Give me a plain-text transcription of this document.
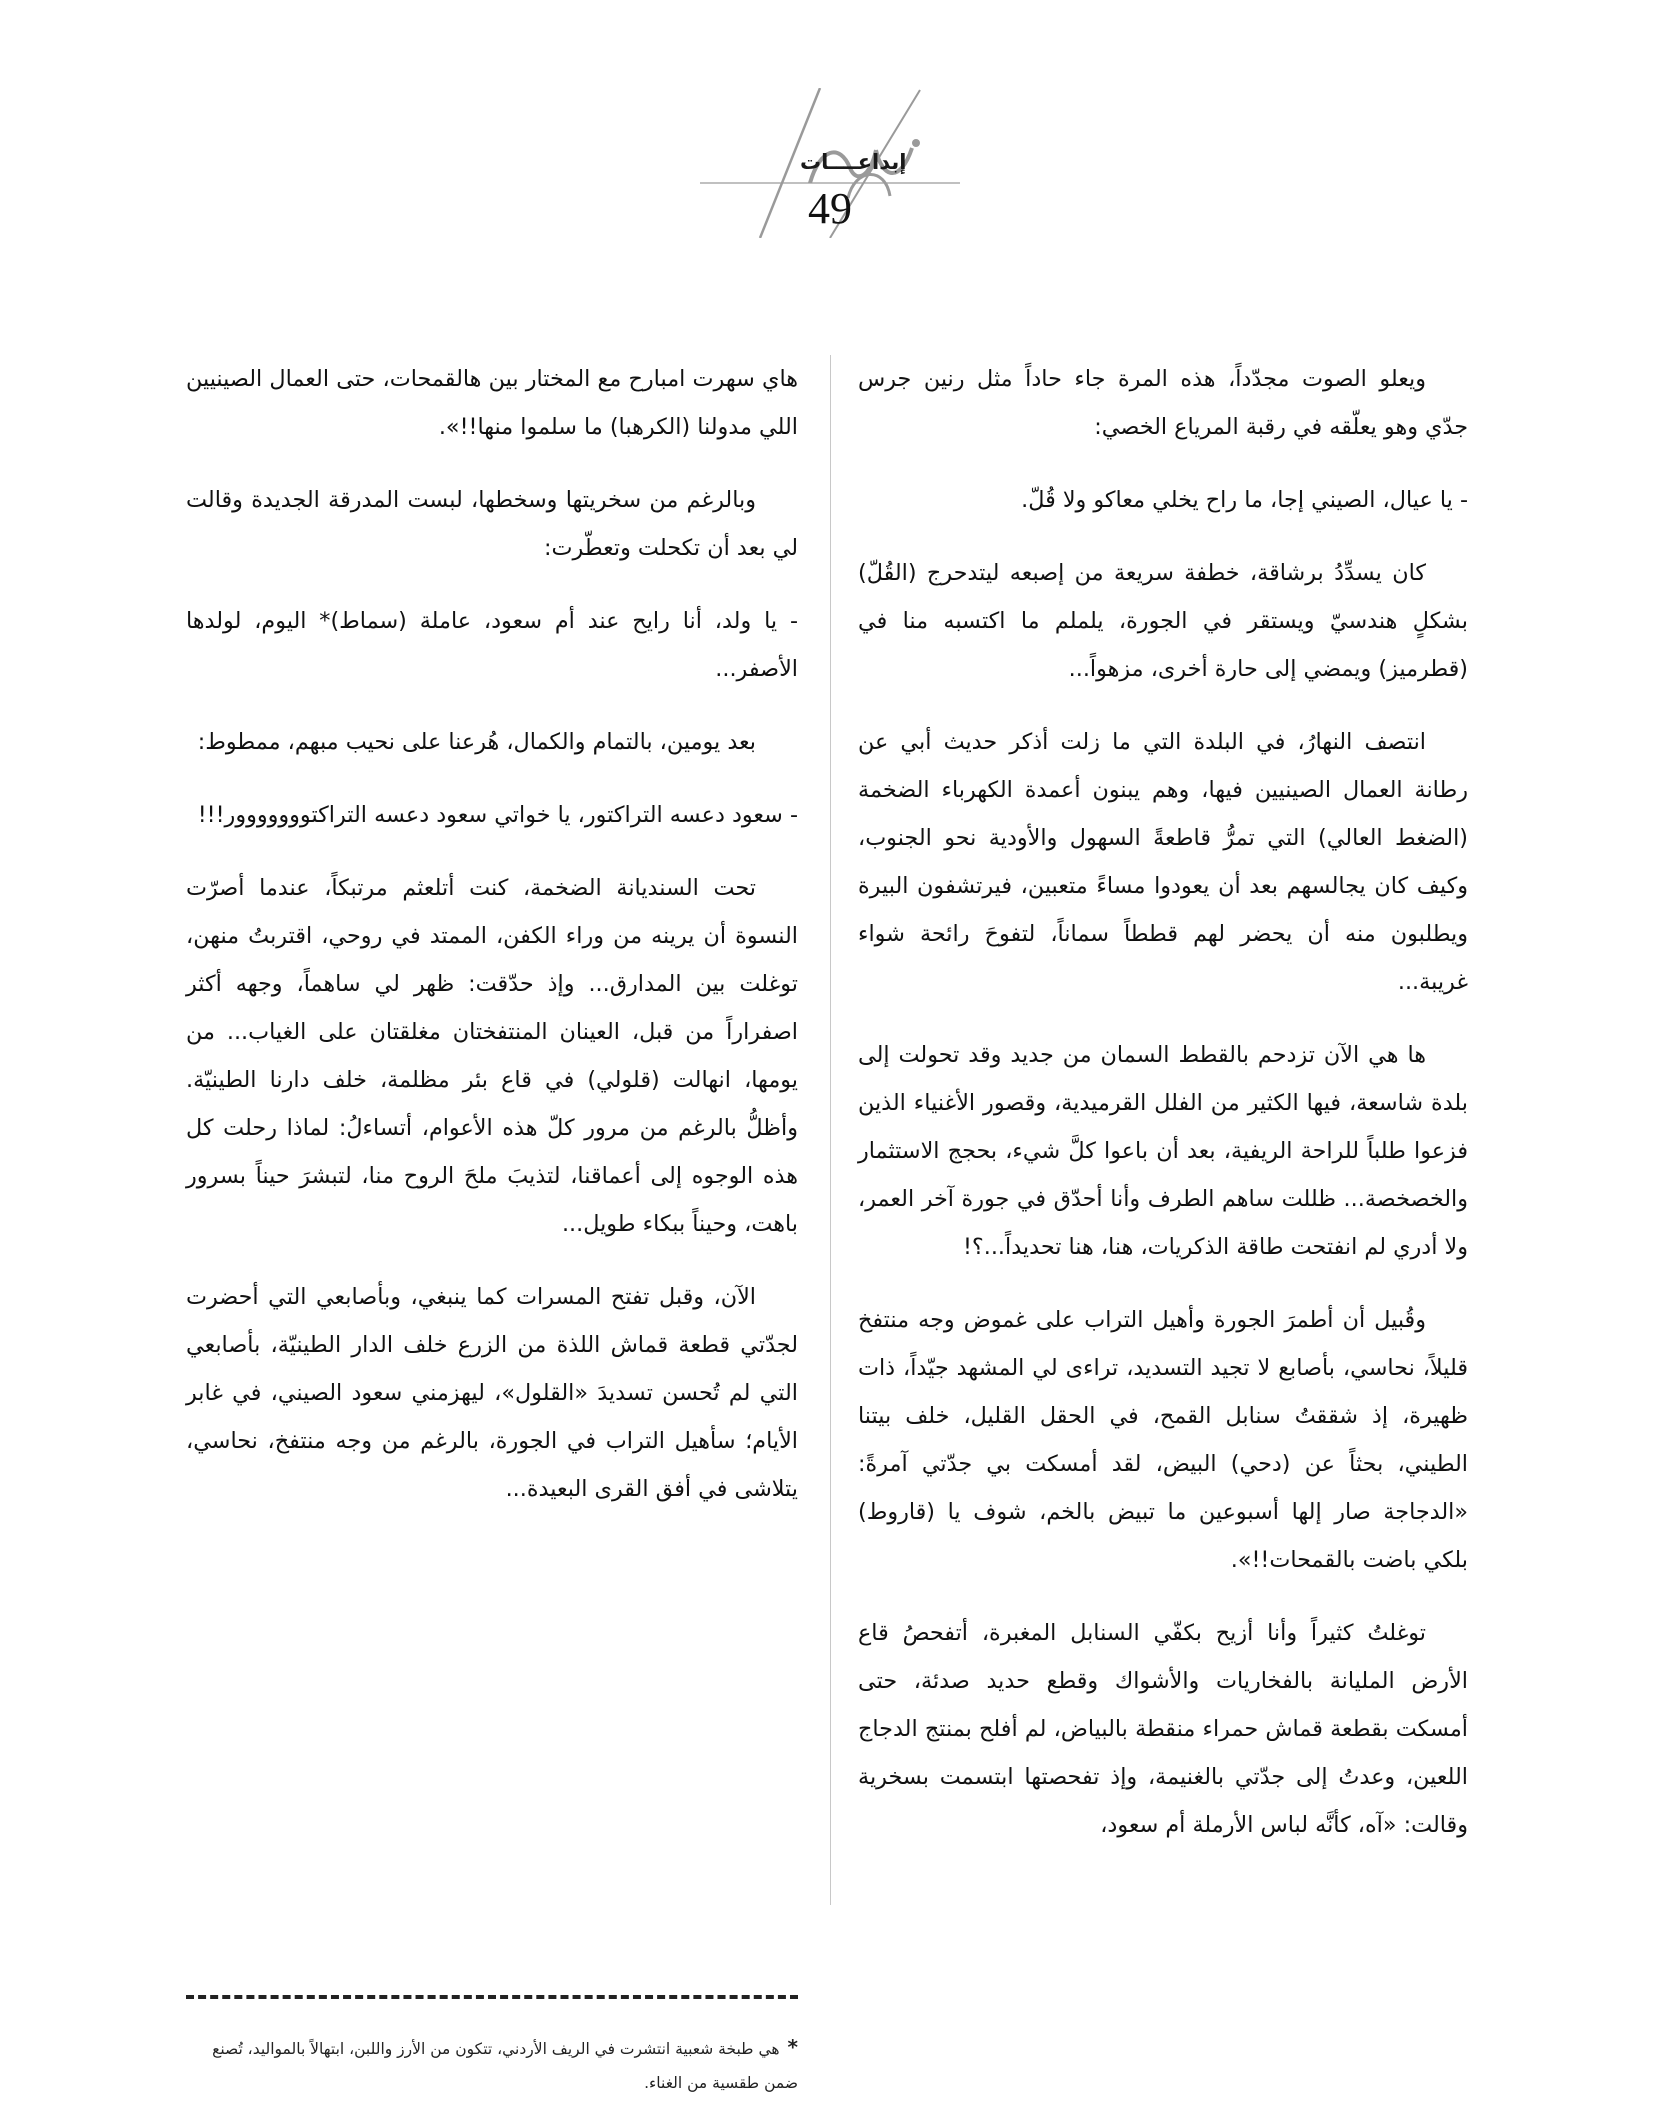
إبداعــــات
49

ويعلو الصوت مجدّداً، هذه المرة جاء حاداً مثل رنين جرس جدّي وهو يعلّقه في رقبة المرياع الخصي:

- يا عيال، الصيني إجا، ما راح يخلي معاكو ولا قُلّ.

كان يسدِّدُ برشاقة، خطفة سريعة من إصبعه ليتدحرج (القُلّ) بشكلٍ هندسيّ ويستقر في الجورة، يلملم ما اكتسبه منا في (قطرميز) ويمضي إلى حارة أخرى، مزهواً...

انتصف النهارُ، في البلدة التي ما زلت أذكر حديث أبي عن رطانة العمال الصينيين فيها، وهم يبنون أعمدة الكهرباء الضخمة (الضغط العالي) التي تمرُّ قاطعةً السهول والأودية نحو الجنوب، وكيف كان يجالسهم بعد أن يعودوا مساءً متعبين، فيرتشفون البيرة ويطلبون منه أن يحضر لهم قططاً سماناً، لتفوحَ رائحة شواء غريبة...

ها هي الآن تزدحم بالقطط السمان من جديد وقد تحولت إلى بلدة شاسعة، فيها الكثير من الفلل القرميدية، وقصور الأغنياء الذين فزعوا طلباً للراحة الريفية، بعد أن باعوا كلَّ شيء، بحجج الاستثمار والخصخصة... ظللت ساهم الطرف وأنا أحدّق في جورة آخر العمر، ولا أدري لم انفتحت طاقة الذكريات، هنا، هنا تحديداً...؟!

وقُبيل أن أطمرَ الجورة وأهيل التراب على غموض وجه منتفخ قليلاً، نحاسي، بأصابع لا تجيد التسديد، تراءى لي المشهد جيّداً، ذات ظهيرة، إذ شققتُ سنابل القمح، في الحقل القليل، خلف بيتنا الطيني، بحثاً عن (دحي) البيض، لقد أمسكت بي جدّتي آمرةً: «الدجاجة صار إلها أسبوعين ما تبيض بالخم، شوف يا (قاروط) بلكي باضت بالقمحات!!».

توغلتُ كثيراً وأنا أزيح بكفّي السنابل المغبرة، أتفحصُ قاع الأرض المليانة بالفخاريات والأشواك وقطع حديد صدئة، حتى أمسكت بقطعة قماش حمراء منقطة بالبياض، لم أفلح بمنتج الدجاج اللعين، وعدتُ إلى جدّتي بالغنيمة، وإذ تفحصتها ابتسمت بسخرية وقالت: «آه، كأنَّه لباس الأرملة أم سعود،

هاي سهرت امبارح مع المختار بين هالقمحات، حتى العمال الصينيين اللي مدولنا (الكرهبا) ما سلموا منها!!».

وبالرغم من سخريتها وسخطها، لبست المدرقة الجديدة وقالت لي بعد أن تكحلت وتعطّرت:

- يا ولد، أنا رايح عند أم سعود، عاملة (سماط)* اليوم، لولدها الأصفر...

بعد يومين، بالتمام والكمال، هُرعنا على نحيب مبهم، ممطوط:

- سعود دعسه التراكتور، يا خواتي سعود دعسه التراكتووووووور!!!

تحت السنديانة الضخمة، كنت أتلعثم مرتبكاً، عندما أصرّت النسوة أن يرينه من وراء الكفن، الممتد في روحي، اقتربتُ منهن، توغلت بين المدارق... وإذ حدّقت: ظهر لي ساهماً، وجهه أكثر اصفراراً من قبل، العينان المنتفختان مغلقتان على الغياب... من يومها، انهالت (قلولي) في قاع بئر مظلمة، خلف دارنا الطينيّة. وأظلُّ بالرغم من مرور كلّ هذه الأعوام، أتساءلُ: لماذا رحلت كل هذه الوجوه إلى أعماقنا، لتذيبَ ملحَ الروح منا، لتبشرَ حيناً بسرور باهت، وحيناً ببكاء طويل...

الآن، وقبل تفتح المسرات كما ينبغي، وبأصابعي التي أحضرت لجدّتي قطعة قماش اللذة من الزرع خلف الدار الطينيّة، بأصابعي التي لم تُحسن تسديدَ «القلول»، ليهزمني سعود الصيني، في غابر الأيام؛ سأهيل التراب في الجورة، بالرغم من وجه منتفخ، نحاسي، يتلاشى في أفق القرى البعيدة...

*هي طبخة شعبية انتشرت في الريف الأردني، تتكون من الأرز واللبن، ابتهالاً بالمواليد، تُصنع ضمن طقسية من الغناء.
